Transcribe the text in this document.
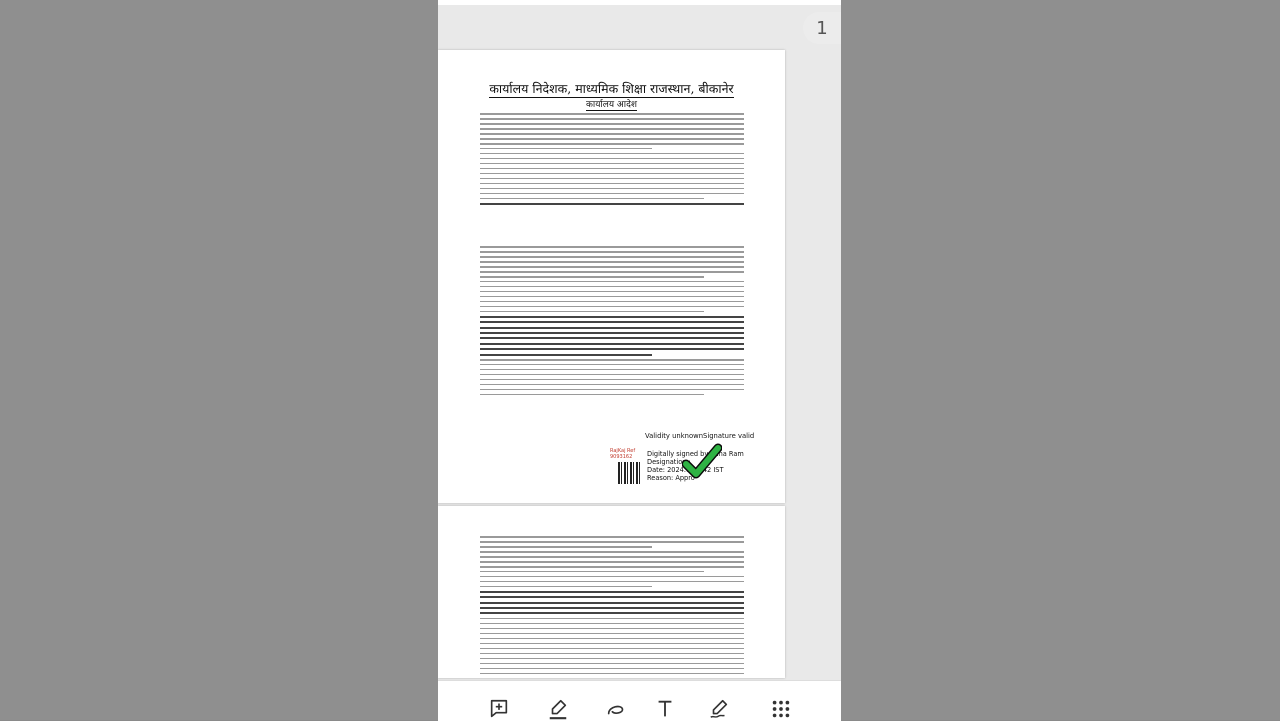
कार्यालय निदेशक, माध्यमिक शिक्षा राजस्थान, बीकानेर
कार्यालय आदेश
Validity unknownSignature valid
RajKaj Ref
9093162	Digitally signed by Kana Ram
Designation :
Date: 2024.0 05:42 IST
Reason: Appro
1
